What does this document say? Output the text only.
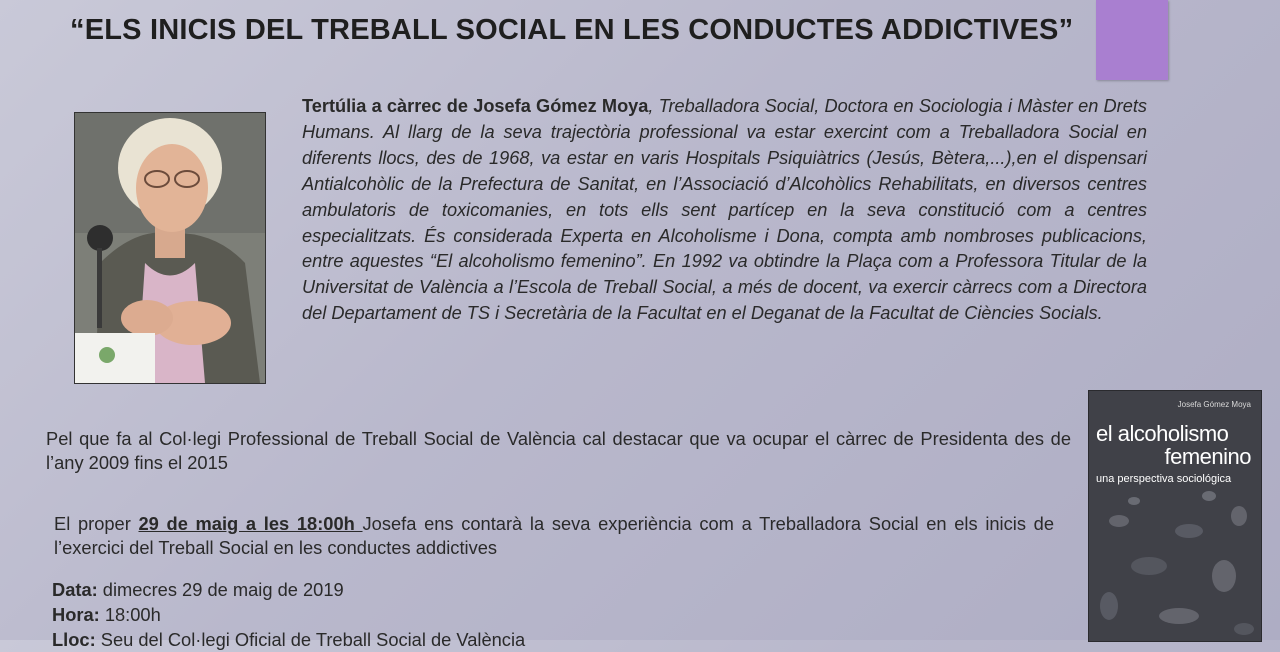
“ELS INICIS DEL TREBALL SOCIAL EN LES CONDUCTES ADDICTIVES”
Tertúlia a càrrec de Josefa Gómez Moya, Treballadora Social, Doctora en Sociologia i Màster en Drets Humans. Al llarg de la seva trajectòria professional va estar exercint com a Treballadora Social en diferents llocs, des de 1968, va estar en varis Hospitals Psiquiàtrics (Jesús, Bètera,...),en el dispensari Antialcohòlic de la Prefectura de Sanitat, en l’Associació d’Alcohòlics Rehabilitats, en diversos centres ambulatoris de toxicomanies, en tots ells sent partícep en la seva constitució com a centres especialitzats. És considerada Experta en Alcoholisme i Dona, compta amb nombroses publicacions, entre aquestes “El alcoholismo femenino”. En 1992 va obtindre la Plaça com a Professora Titular de la Universitat de València a l’Escola de Treball Social, a més de docent, va exercir càrrecs com a Directora del Departament de TS i Secretària de la Facultat en el Deganat de la Facultat de Ciències Socials.
Pel que fa al Col·legi Professional de Treball Social de València cal destacar que va ocupar el càrrec de Presidenta des de l’any 2009 fins el 2015
El proper 29 de maig a les 18:00h Josefa ens contarà la seva experiència com a Treballadora Social en els inicis de l’exercici del Treball Social en les conductes addictives
Data: dimecres 29 de maig de 2019
Hora: 18:00h
Lloc: Seu del Col·legi Oficial de Treball Social de València
Josefa Gómez Moya
el alcoholismo
femenino
una perspectiva sociológica
